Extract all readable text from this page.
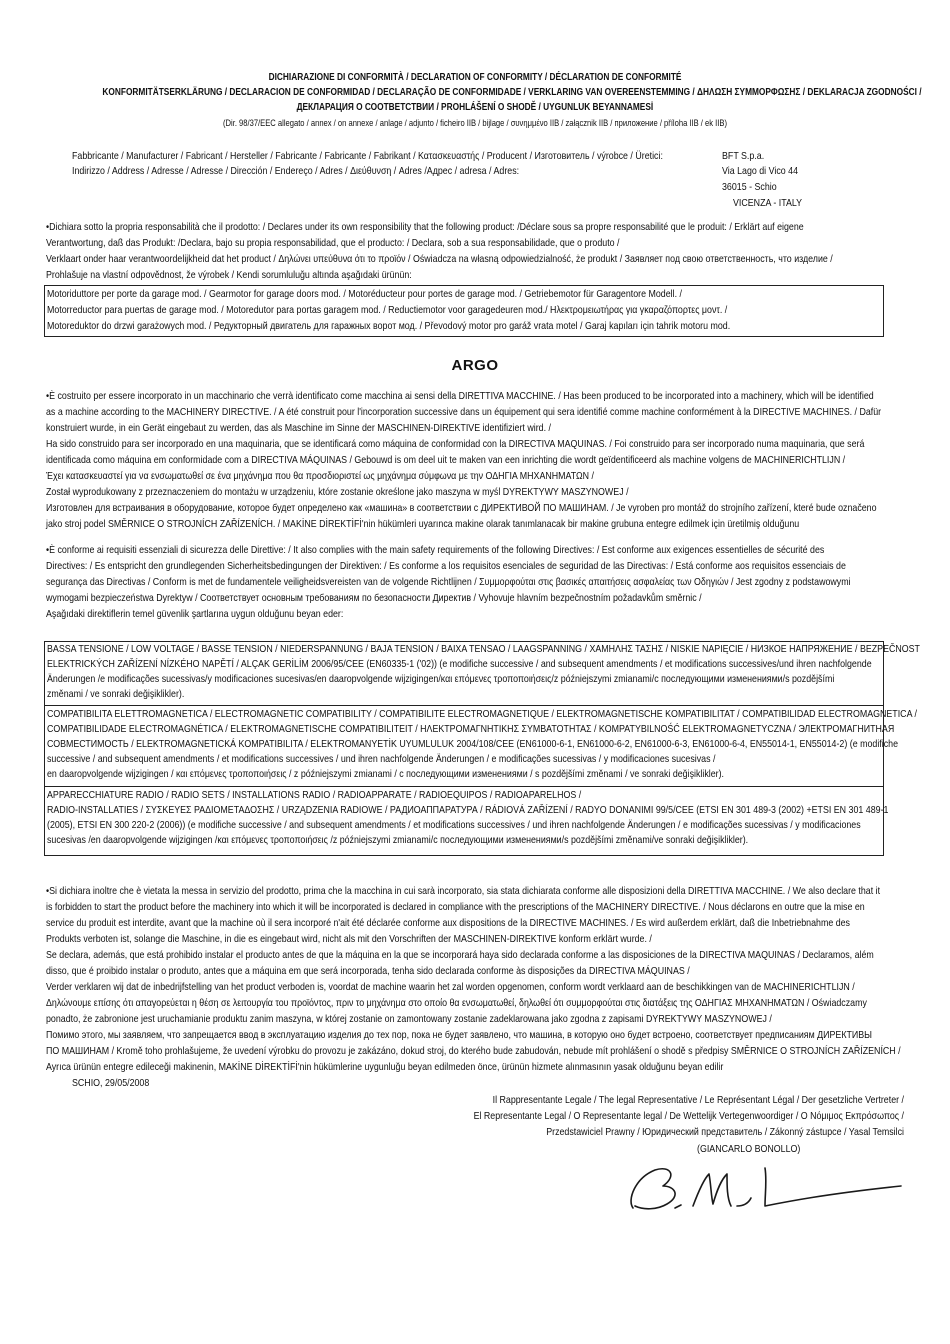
DICHIARAZIONE DI CONFORMITÀ / DECLARATION OF CONFORMITY / DÉCLARATION DE CONFORMITÉ
KONFORMITÄTSERKLÄRUNG / DECLARACION DE CONFORMIDAD / DECLARAÇÃO DE CONFORMIDADE / VERKLARING VAN OVEREENSTEMMING / ΔΗΛΩΣΗ ΣΥΜΜΟΡΦΩΣΗΣ / DEKLARACJA ZGODNOŚCI /
ДЕКЛАРАЦИЯ О СООТВЕТСТВИИ / PROHLÁŠENÍ O SHODĚ / UYGUNLUK BEYANNAMESİ
(Dir. 98/37/EEC allegato / annex / on annexe / anlage / adjunto / ficheiro IIB / bijlage / συνημμένο IIB / załącznik IIB / приложение / příloha IIB / ek IIB)
Fabbricante / Manufacturer / Fabricant / Hersteller / Fabricante / Fabricante / Fabrikant / Κατασκευαστής / Producent / Изготовитель / výrobce / Üretici:
Indirizzo / Address / Adresse / Adresse / Dirección / Endereço / Adres / Διεύθυνση / Adres /Адрес / adresa / Adres:
BFT S.p.a.
Via Lago di Vico 44
36015 - Schio
VICENZA - ITALY
•Dichiara sotto la propria responsabilità che il prodotto: / Declares under its own responsibility that the following product: /Déclare sous sa propre responsabilité que le produit: / Erklärt auf eigene
Verantwortung, daß das Produkt: /Declara, bajo su propia responsabilidad, que el producto: / Declara, sob a sua responsabilidade, que o produto /
Verklaart onder haar verantwoordelijkheid dat het product / Δηλώνει υπεύθυνα ότι το προϊόν / Oświadcza na własną odpowiedzialność, że produkt / Заявляет под свою ответственность, что изделие /
Prohlašuje na vlastní odpovědnost, že výrobek / Kendi sorumluluğu altında aşağıdaki ürünün:
Motoriduttore per porte da garage mod. / Gearmotor for garage doors mod. / Motoréducteur pour portes de garage mod. / Getriebemotor für Garagentore Modell. /
Motorreductor para puertas de garage mod. / Motoredutor para portas garagem mod. / Reductiemotor voor garagedeuren mod./ Ηλεκτρομειωτήρας για γκαραζόπορτες μοντ. /
Motoreduktor do drzwi garażowych mod. / Редукторный двигатель для гаражных ворот мод. / Převodový motor pro garáž vrata motel / Garaj kapıları için tahrik motoru mod.
ARGO
•È costruito per essere incorporato in un macchinario che verrà identificato come macchina ai sensi della DIRETTIVA MACCHINE. / Has been produced to be incorporated into a machinery, which will be identified
as a machine according to the MACHINERY DIRECTIVE. / A été construit pour l'incorporation successive dans un équipement qui sera identifié comme machine conformément à la DIRECTIVE MACHINES. / Dafür
konstruiert wurde, in ein Gerät eingebaut zu werden, das als Maschine im Sinne der MASCHINEN-DIREKTIVE identifiziert wird. /
Ha sido construido para ser incorporado en una maquinaria, que se identificará como máquina de conformidad con la DIRECTIVA MAQUINAS. / Foi construido para ser incorporado numa maquinaria, que será
identificada como máquina em conformidade com a DIRECTIVA MÁQUINAS / Gebouwd is om deel uit te maken van een inrichting die wordt geïdentificeerd als machine volgens de MACHINERICHTLIJN /
Έχει κατασκευαστεί για να ενσωματωθεί σε ένα μηχάνημα που θα προσδιοριστεί ως μηχάνημα σύμφωνα με την ΟΔΗΓΙΑ ΜΗΧΑΝΗΜΑΤΩΝ /
Został wyprodukowany z przeznaczeniem do montażu w urządzeniu, które zostanie określone jako maszyna w myśl DYREKTYWY MASZYNOWEJ /
Изготовлен для встраивания в оборудование, которое будет определено как «машина» в соответствии с ДИРЕКТИВОЙ ПО МАШИНАМ. / Je vyroben pro montáž do strojního zařízení, které bude označeno
jako stroj podel SMĚRNICE O STROJNÍCH ZAŘÍZENÍCH. / MAKİNE DİREKTİFİ'nin hükümleri uyarınca makine olarak tanımlanacak bir makine grubuna entegre edilmek için üretilmiş olduğunu
•È conforme ai requisiti essenziali di sicurezza delle Direttive: / It also complies with the main safety requirements of the following Directives: / Est conforme aux exigences essentielles de sécurité des
Directives: / Es entspricht den grundlegenden Sicherheitsbedingungen der Direktiven: / Es conforme a los requisitos esenciales de seguridad de las Directivas: / Está conforme aos requisitos essenciais de
segurança das Directivas / Conform is met de fundamentele veiligheidsvereisten van de volgende Richtlijnen / Συμμορφούται στις βασικές απαιτήσεις ασφαλείας των Οδηγιών / Jest zgodny z podstawowymi
wymogami bezpieczeństwa Dyrektyw / Соответствует основным требованиям по безопасности Директив / Vyhovuje hlavním bezpečnostním požadavkům směrnic /
Aşağıdaki direktiflerin temel güvenlik şartlarına uygun olduğunu beyan eder:
BASSA TENSIONE / LOW VOLTAGE / BASSE TENSION / NIEDERSPANNUNG / BAJA TENSION / BAIXA TENSAO / LAAGSPANNING / ΧΑΜΗΛΗΣ ΤΑΣΗΣ / NISKIE NAPIĘCIE / НИЗКОЕ НАПРЯЖЕНИЕ / BEZPEČNOST
ELEKTRICKÝCH ZAŘÍZENÍ NÍZKÉHO NAPĚTÍ / ALÇAK GERİLİM 2006/95/CEE (EN60335-1 ('02)) (e modifiche successive / and subsequent amendments / et modifications successives/und ihren nachfolgende
Änderungen /e modificações sucessivas/y modificaciones sucesivas/en daaropvolgende wijzigingen/και επόμενες τροποποιήσεις/z późniejszymi zmianami/с последующими изменениями/s pozdějšími
změnami / ve sonraki değişiklikler).
COMPATIBILITA ELETTROMAGNETICA / ELECTROMAGNETIC COMPATIBILITY / COMPATIBILITE ELECTROMAGNETIQUE / ELEKTROMAGNETISCHE KOMPATIBILITAT / COMPATIBILIDAD ELECTROMAGNETICA /
COMPATIBILIDADE ELECTROMAGNÉTICA / ELEKTROMAGNETISCHE COMPATIBILITEIT / ΗΛΕΚΤΡΟΜΑΓΝΗΤΙΚΗΣ ΣΥΜΒΑΤΟΤΗΤΑΣ / KOMPATYBILNOŚĆ ELEKTROMAGNETYCZNA / ЭЛЕКТРОМАГНИТНАЯ
СОВМЕСТИМОСТЬ / ELEKTROMAGNETICKÁ KOMPATIBILITA / ELEKTROMANYETİK UYUMLULUK 2004/108/CEE (EN61000-6-1, EN61000-6-2, EN61000-6-3, EN61000-6-4, EN55014-1, EN55014-2) (e modifiche
successive / and subsequent amendments / et modifications successives / und ihren nachfolgende Änderungen / e modificações sucessivas / y modificaciones sucesivas /
en daaropvolgende wijzigingen / και επόμενες τροποποιήσεις / z późniejszymi zmianami / с последующими изменениями / s pozdějšími změnami / ve sonraki değişiklikler).
APPARECCHIATURE RADIO / RADIO SETS / INSTALLATIONS RADIO / RADIOAPPARATE / RADIOEQUIPOS / RADIOAPARELHOS /
RADIO-INSTALLATIES / ΣΥΣΚΕΥΕΣ ΡΑΔΙΟΜΕΤΑΔΟΣΗΣ / URZĄDZENIA RADIOWE / РАДИОАППАРАТУРА / RÁDIOVÁ ZAŘÍZENÍ / RADYO DONANIMI 99/5/CEE (ETSI EN 301 489-3 (2002) +ETSI EN 301 489-1
(2005), ETSI EN 300 220-2 (2006)) (e modifiche successive / and subsequent amendments / et modifications successives / und ihren nachfolgende Änderungen / e modificações sucessivas / y modificaciones
sucesivas /en daaropvolgende wijzigingen /και επόμενες τροποποιήσεις /z późniejszymi zmianami/с последующими изменениями/s pozdějšími změnami/ve sonraki değişiklikler).
•Si dichiara inoltre che è vietata la messa in servizio del prodotto, prima che la macchina in cui sarà incorporato, sia stata dichiarata conforme alle disposizioni della DIRETTIVA MACCHINE. / We also declare that it
is forbidden to start the product before the machinery into which it will be incorporated is declared in compliance with the prescriptions of the MACHINERY DIRECTIVE. / Nous déclarons en outre que la mise en
service du produit est interdite, avant que la machine où il sera incorporé n'ait été déclarée conforme aux dispositions de la DIRECTIVE MACHINES. / Es wird außerdem erklärt, daß die Inbetriebnahme des
Produkts verboten ist, solange die Maschine, in die es eingebaut wird, nicht als mit den Vorschriften der MASCHINEN-DIREKTIVE konform erklärt wurde. /
Se declara, además, que está prohibido instalar el producto antes de que la máquina en la que se incorporará haya sido declarada conforme a las disposiciones de la DIRECTIVA MAQUINAS / Declaramos, além
disso, que é proibido instalar o produto, antes que a máquina em que será incorporada, tenha sido declarada conforme às disposições da DIRECTIVA MÁQUINAS /
Verder verklaren wij dat de inbedrijfstelling van het product verboden is, voordat de machine waarin het zal worden opgenomen, conform wordt verklaard aan de beschikkingen van de MACHINERICHTLIJN /
Δηλώνουμε επίσης ότι απαγορεύεται η θέση σε λειτουργία του προϊόντος, πριν το μηχάνημα στο οποίο θα ενσωματωθεί, δηλωθεί ότι συμμορφούται στις διατάξεις της ΟΔΗΓΙΑΣ ΜΗΧΑΝΗΜΑΤΩΝ / Oświadczamy
ponadto, że zabronione jest uruchamianie produktu zanim maszyna, w której zostanie on zamontowany zostanie zadeklarowana jako zgodna z zapisami DYREKTYWY MASZYNOWEJ /
Помимо этого, мы заявляем, что запрещается ввод в эксплуатацию изделия до тех пор, пока не будет заявлено, что машина, в которую оно будет встроено, соответствует предписаниям ДИРЕКТИВЫ
ПО МАШИНАМ / Kromě toho prohlašujeme, že uvedení výrobku do provozu je zakázáno, dokud stroj, do kterého bude zabudován, nebude mít prohlášení o shodě s předpisy SMĚRNICE O STROJNÍCH ZAŘÍZENÍCH /
Ayrıca ürünün entegre edileceği makinenin, MAKİNE DİREKTİFİ'nin hükümlerine uygunluğu beyan edilmeden önce, ürünün hizmete alınmasının yasak olduğunu beyan edilir
SCHIO, 29/05/2008
Il Rappresentante Legale / The legal Representative / Le Représentant Légal / Der gesetzliche Vertreter /
El Representante Legal / O Representante legal / De Wettelijk Vertegenwoordiger / Ο Νόμιμος Εκπρόσωπος /
Przedstawiciel Prawny / Юридический представитель / Zákonný zástupce / Yasal Temsilci
(GIANCARLO BONOLLO)
